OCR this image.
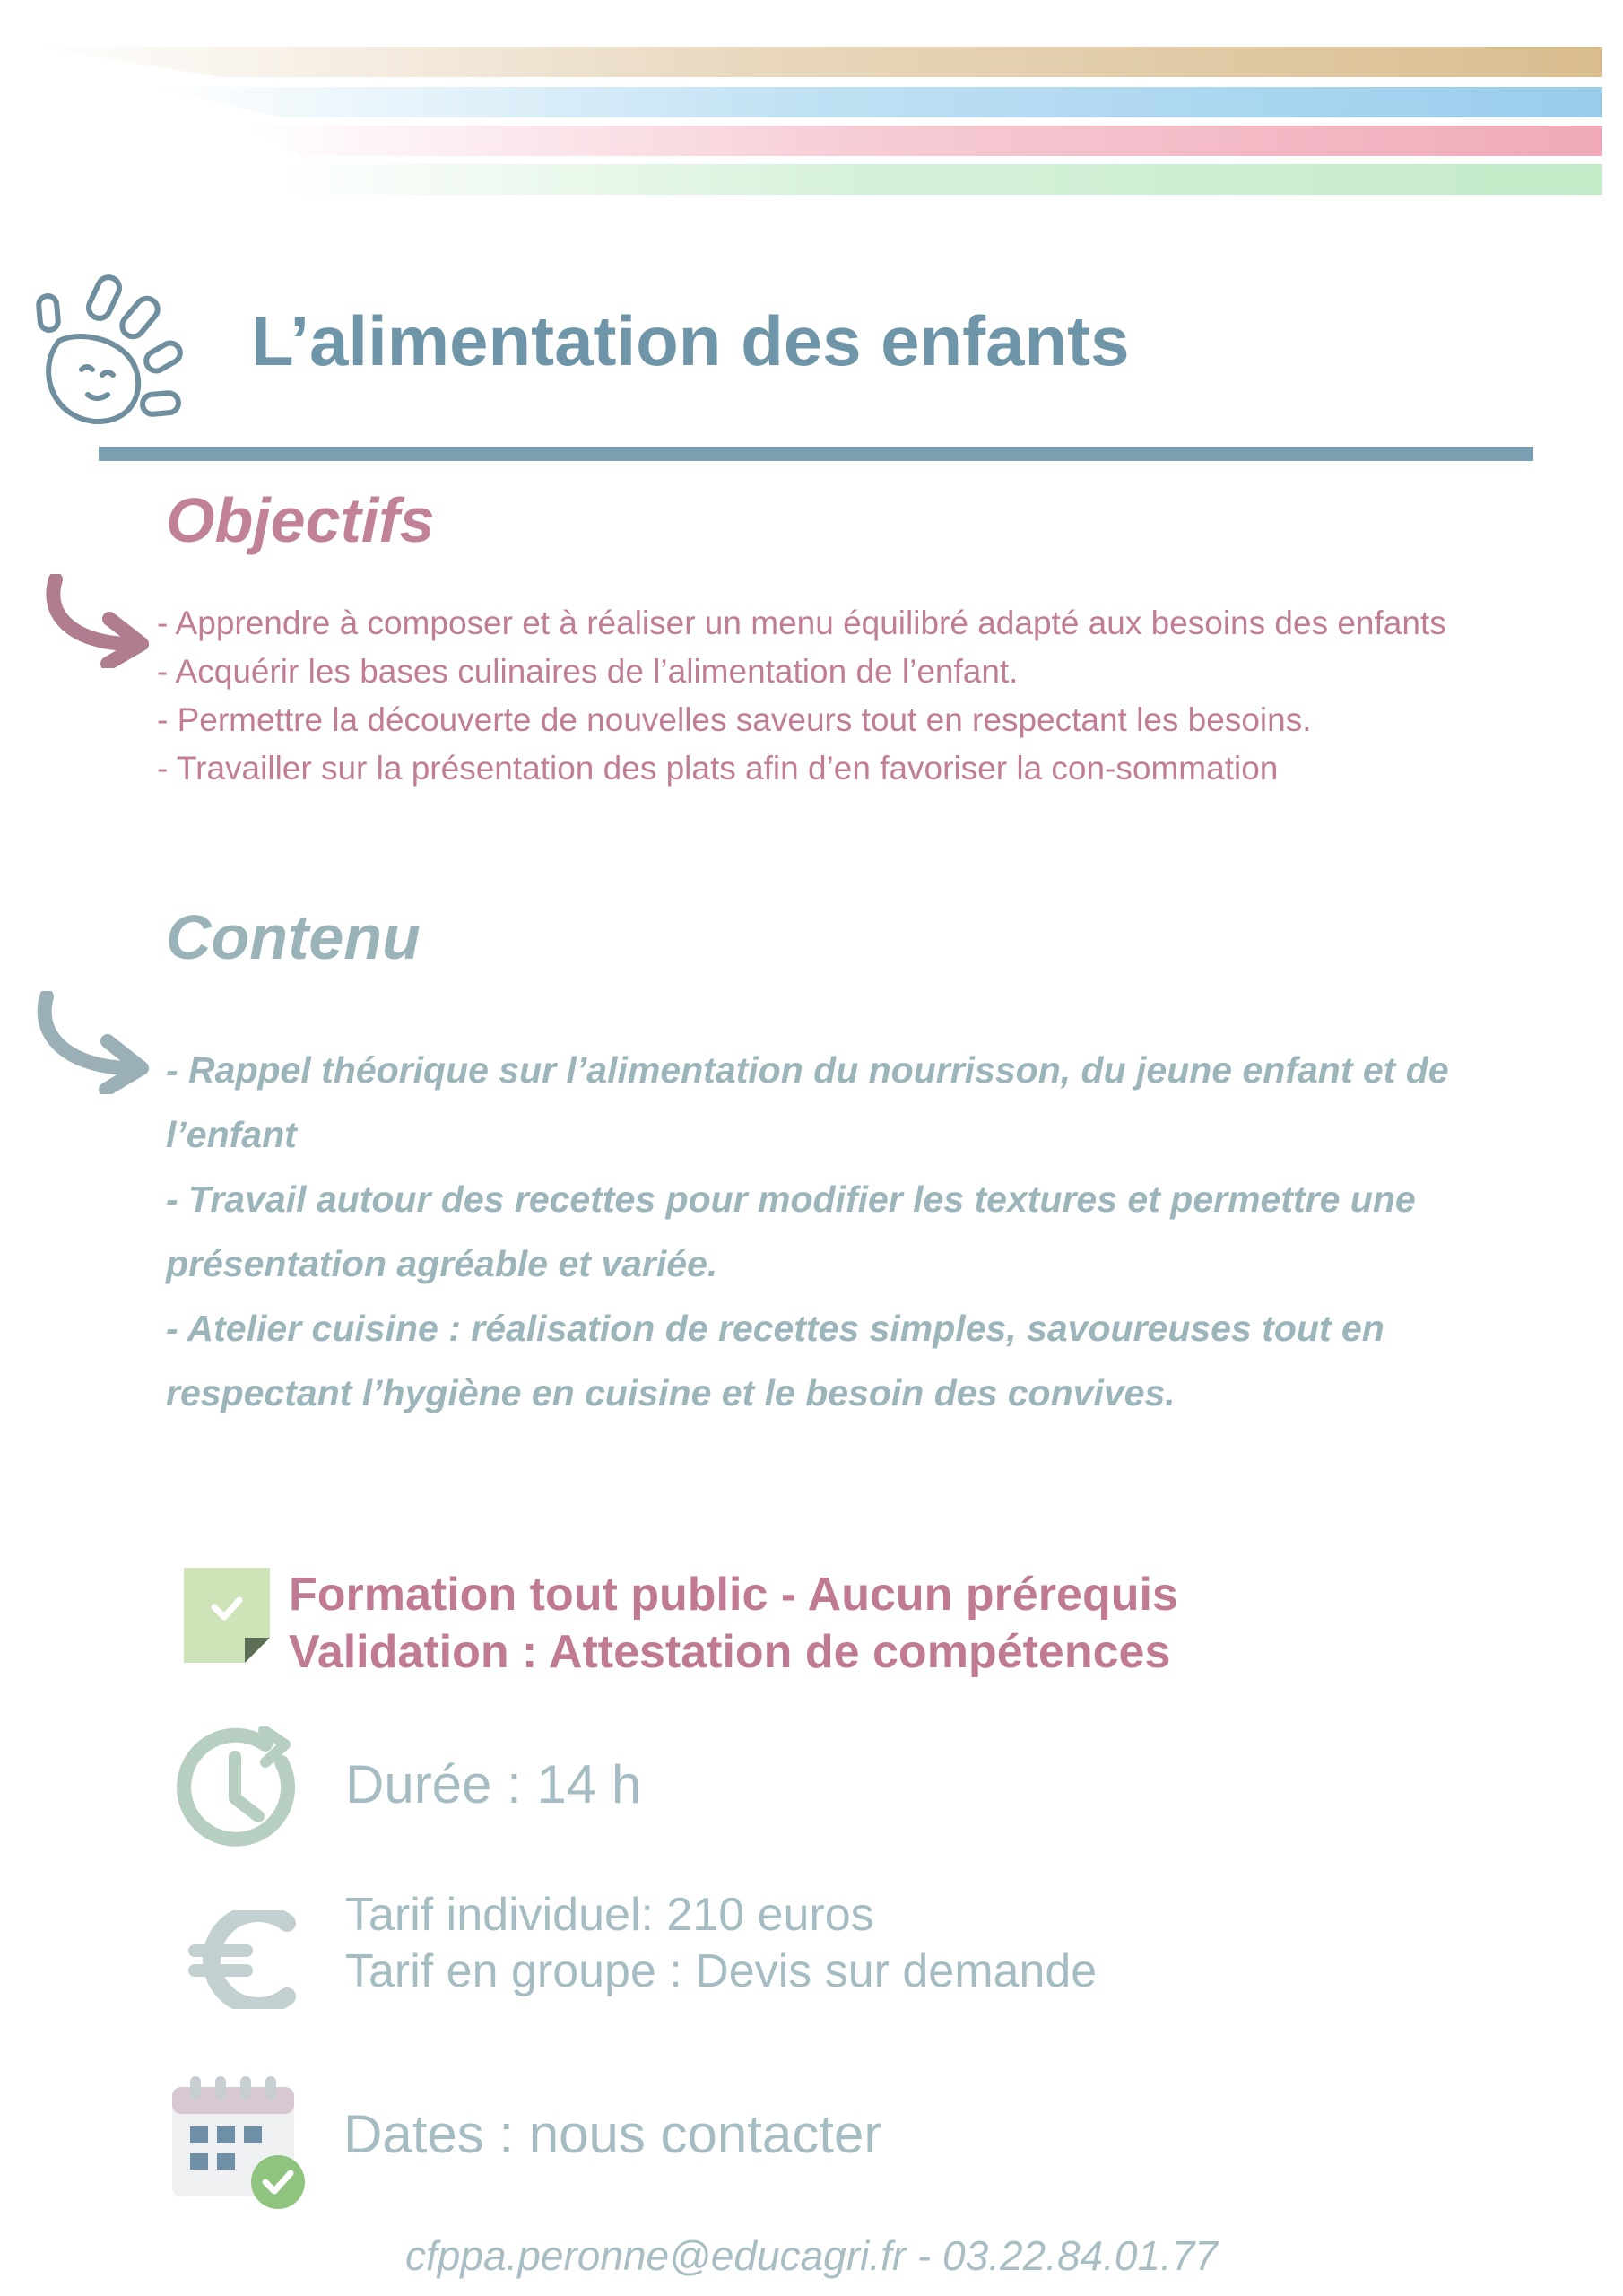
L’alimentation des enfants
Objectifs
- Apprendre à composer et à réaliser un menu équilibré adapté aux besoins des enfants
- Acquérir les bases culinaires de l’alimentation de l’enfant.
- Permettre la découverte de nouvelles saveurs tout en respectant les besoins.
- Travailler sur la présentation des plats afin d’en favoriser la con-sommation
Contenu
- Rappel théorique sur l’alimentation du nourrisson, du jeune enfant et de l’enfant
- Travail autour des recettes pour modifier les textures et permettre une présentation agréable et variée.
- Atelier cuisine : réalisation de recettes simples, savoureuses tout en respectant l’hygiène en cuisine et le besoin des convives.
Formation tout public - Aucun prérequis
Validation : Attestation de compétences
Durée : 14 h
Tarif individuel: 210 euros
Tarif en groupe : Devis sur demande
Dates : nous contacter
cfppa.peronne@educagri.fr - 03.22.84.01.77
